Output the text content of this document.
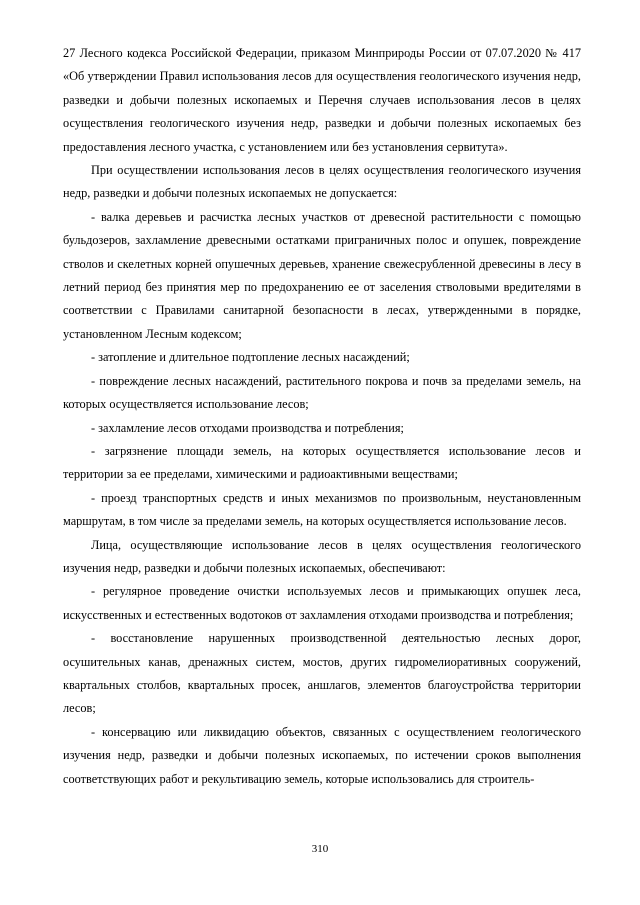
27 Лесного кодекса Российской Федерации, приказом Минприроды России от 07.07.2020 № 417 «Об утверждении Правил использования лесов для осуществления геологического изучения недр, разведки и добычи полезных ископаемых и Перечня случаев использования лесов в целях осуществления геологического изучения недр, разведки и добычи полезных ископаемых без предоставления лесного участка, с установлением или без установления сервитута».

При осуществлении использования лесов в целях осуществления геологического изучения недр, разведки и добычи полезных ископаемых не допускается:

- валка деревьев и расчистка лесных участков от древесной растительности с помощью бульдозеров, захламление древесными остатками приграничных полос и опушек, повреждение стволов и скелетных корней опушечных деревьев, хранение свежесрубленной древесины в лесу в летний период без принятия мер по предохранению ее от заселения стволовыми вредителями в соответствии с Правилами санитарной безопасности в лесах, утвержденными в порядке, установленном Лесным кодексом;

- затопление и длительное подтопление лесных насаждений;

- повреждение лесных насаждений, растительного покрова и почв за пределами земель, на которых осуществляется использование лесов;

- захламление лесов отходами производства и потребления;

- загрязнение площади земель, на которых осуществляется использование лесов и территории за ее пределами, химическими и радиоактивными веществами;

- проезд транспортных средств и иных механизмов по произвольным, неустановленным маршрутам, в том числе за пределами земель, на которых осуществляется использование лесов.

Лица, осуществляющие использование лесов в целях осуществления геологического изучения недр, разведки и добычи полезных ископаемых, обеспечивают:

- регулярное проведение очистки используемых лесов и примыкающих опушек леса, искусственных и естественных водотоков от захламления отходами производства и потребления;

- восстановление нарушенных производственной деятельностью лесных дорог, осушительных канав, дренажных систем, мостов, других гидромелиоративных сооружений, квартальных столбов, квартальных просек, аншлагов, элементов благоустройства территории лесов;

- консервацию или ликвидацию объектов, связанных с осуществлением геологического изучения недр, разведки и добычи полезных ископаемых, по истечении сроков выполнения соответствующих работ и рекультивацию земель, которые использовались для строитель-

310
